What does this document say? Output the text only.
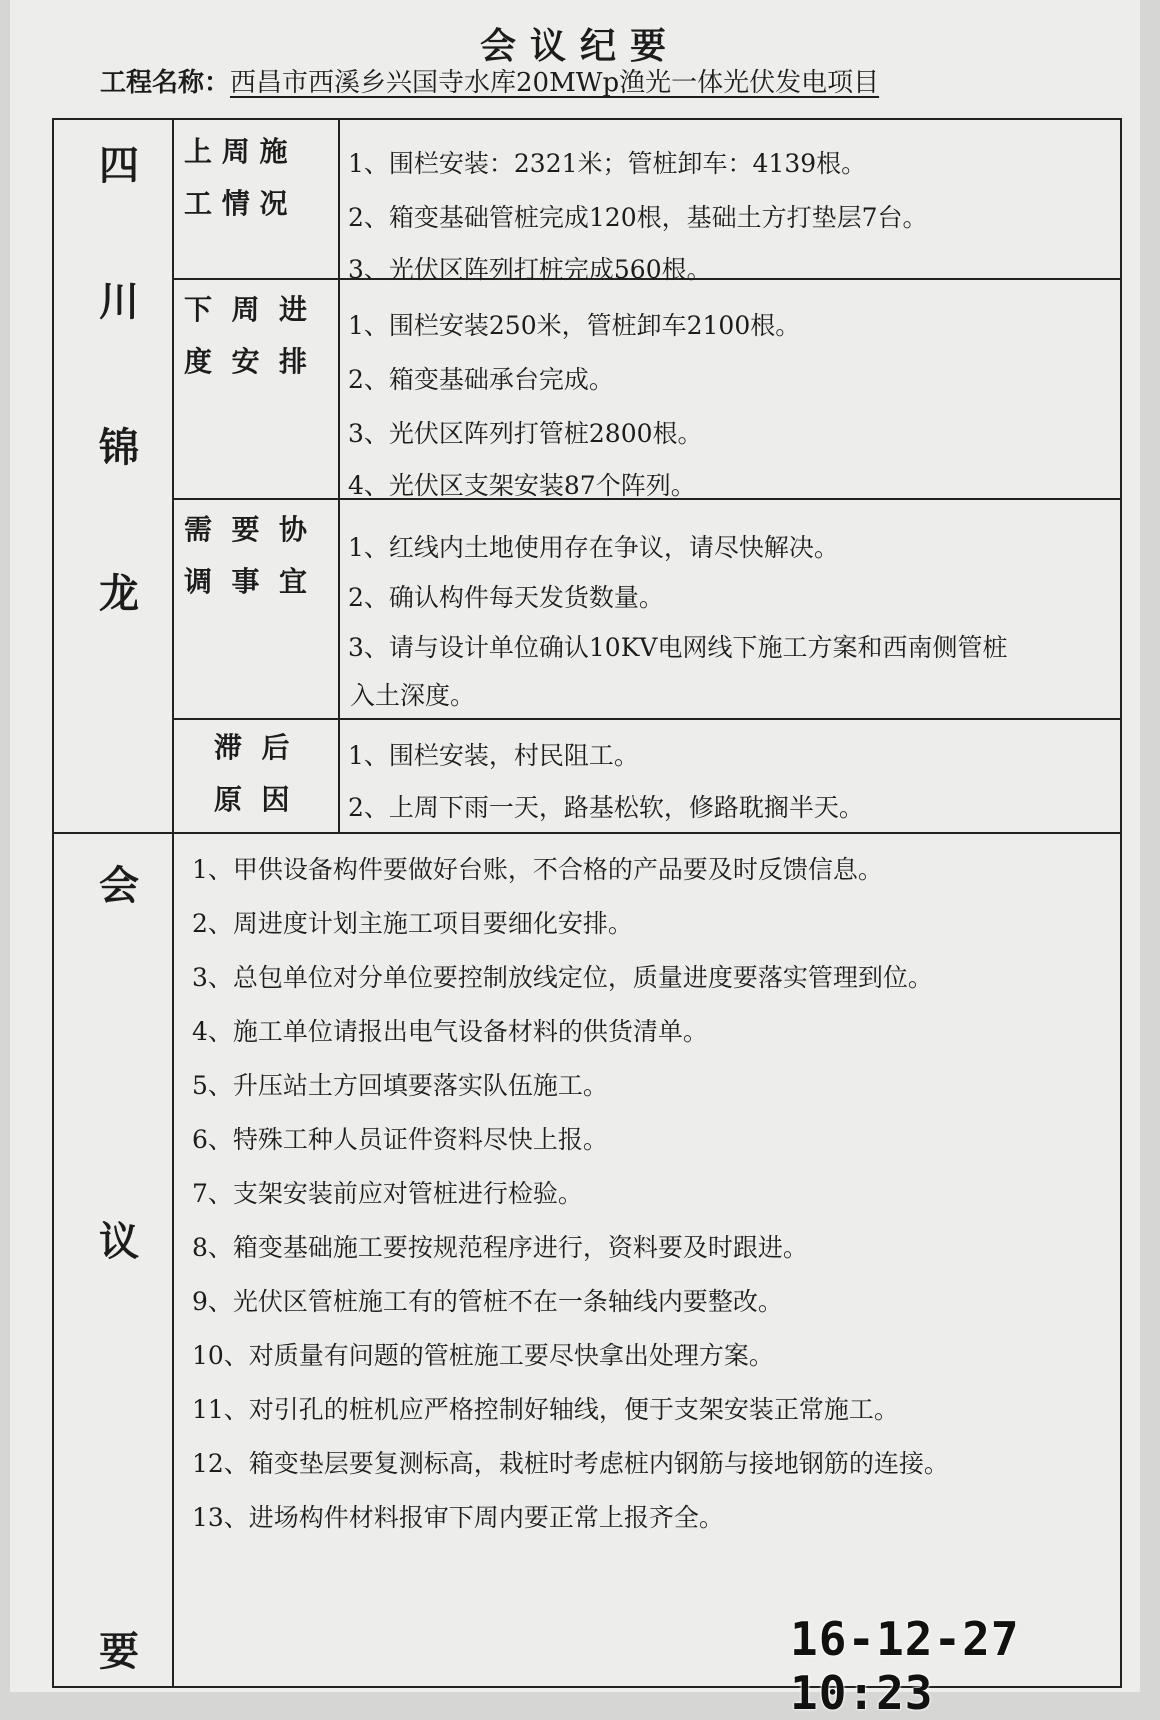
会议纪要
工程名称：西昌市西溪乡兴国寺水库20MWp渔光一体光伏发电项目
四
川
锦
龙
会
议
要
上 周 施
工 情 况
下  周  进
度  安  排
需  要  协
调  事  宜
滞  后
原  因
1、围栏安装：2321米；管桩卸车：4139根。
2、箱变基础管桩完成120根，基础土方打垫层7台。
3、光伏区阵列打桩完成560根。
1、围栏安装250米，管桩卸车2100根。
2、箱变基础承台完成。
3、光伏区阵列打管桩2800根。
4、光伏区支架安装87个阵列。
1、红线内土地使用存在争议，请尽快解决。
2、确认构件每天发货数量。
3、请与设计单位确认10KV电网线下施工方案和西南侧管桩
入土深度。
1、围栏安装，村民阻工。
2、上周下雨一天，路基松软，修路耽搁半天。
1、甲供设备构件要做好台账，不合格的产品要及时反馈信息。
2、周进度计划主施工项目要细化安排。
3、总包单位对分单位要控制放线定位，质量进度要落实管理到位。
4、施工单位请报出电气设备材料的供货清单。
5、升压站土方回填要落实队伍施工。
6、特殊工种人员证件资料尽快上报。
7、支架安装前应对管桩进行检验。
8、箱变基础施工要按规范程序进行，资料要及时跟进。
9、光伏区管桩施工有的管桩不在一条轴线内要整改。
10、对质量有问题的管桩施工要尽快拿出处理方案。
11、对引孔的桩机应严格控制好轴线，便于支架安装正常施工。
12、箱变垫层要复测标高，栽桩时考虑桩内钢筋与接地钢筋的连接。
13、进场构件材料报审下周内要正常上报齐全。
16-12-27 10:23
